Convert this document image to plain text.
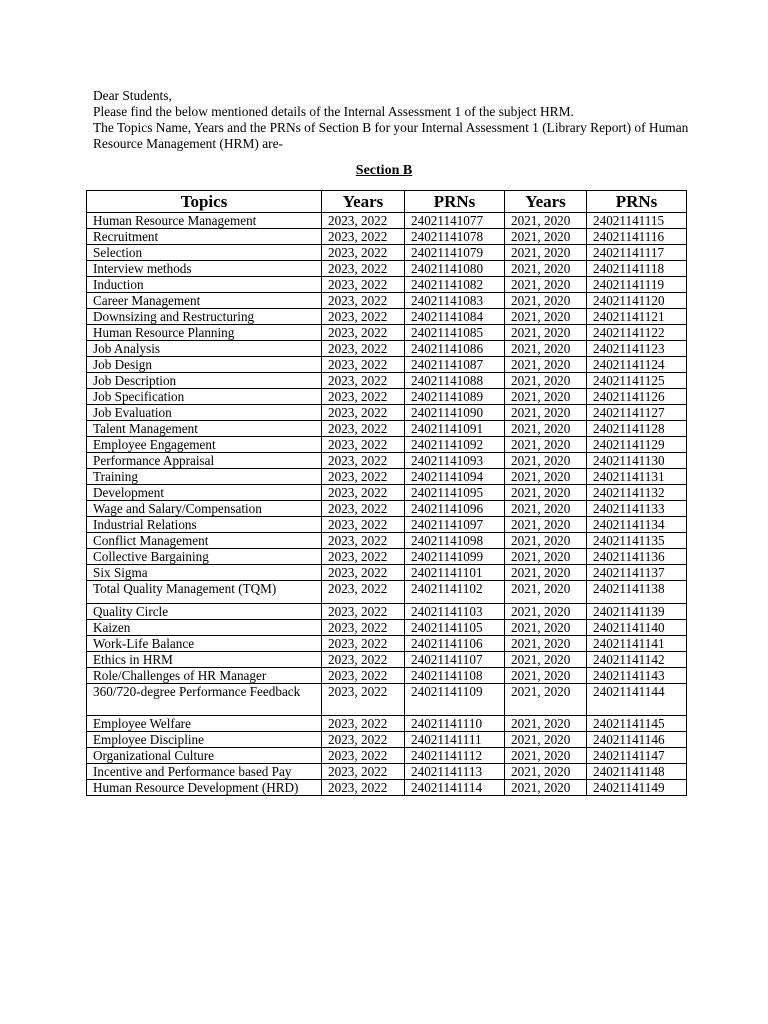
Dear Students,

Please find the below mentioned details of the Internal Assessment 1 of the subject HRM.

The Topics Name, Years and the PRNs of Section B for your Internal Assessment 1 (Library Report) of Human Resource Management (HRM) are-

Section B
Topics	Years	PRNs	Years	PRNs
Human Resource Management	2023, 2022	24021141077	2021, 2020	24021141115
Recruitment	2023, 2022	24021141078	2021, 2020	24021141116
Selection	2023, 2022	24021141079	2021, 2020	24021141117
Interview methods	2023, 2022	24021141080	2021, 2020	24021141118
Induction	2023, 2022	24021141082	2021, 2020	24021141119
Career Management	2023, 2022	24021141083	2021, 2020	24021141120
Downsizing and Restructuring	2023, 2022	24021141084	2021, 2020	24021141121
Human Resource Planning	2023, 2022	24021141085	2021, 2020	24021141122
Job Analysis	2023, 2022	24021141086	2021, 2020	24021141123
Job Design	2023, 2022	24021141087	2021, 2020	24021141124
Job Description	2023, 2022	24021141088	2021, 2020	24021141125
Job Specification	2023, 2022	24021141089	2021, 2020	24021141126
Job Evaluation	2023, 2022	24021141090	2021, 2020	24021141127
Talent Management	2023, 2022	24021141091	2021, 2020	24021141128
Employee Engagement	2023, 2022	24021141092	2021, 2020	24021141129
Performance Appraisal	2023, 2022	24021141093	2021, 2020	24021141130
Training	2023, 2022	24021141094	2021, 2020	24021141131
Development	2023, 2022	24021141095	2021, 2020	24021141132
Wage and Salary/Compensation	2023, 2022	24021141096	2021, 2020	24021141133
Industrial Relations	2023, 2022	24021141097	2021, 2020	24021141134
Conflict Management	2023, 2022	24021141098	2021, 2020	24021141135
Collective Bargaining	2023, 2022	24021141099	2021, 2020	24021141136
Six Sigma	2023, 2022	24021141101	2021, 2020	24021141137
Total Quality Management (TQM)	2023, 2022	24021141102	2021, 2020	24021141138
Quality Circle	2023, 2022	24021141103	2021, 2020	24021141139
Kaizen	2023, 2022	24021141105	2021, 2020	24021141140
Work-Life Balance	2023, 2022	24021141106	2021, 2020	24021141141
Ethics in HRM	2023, 2022	24021141107	2021, 2020	24021141142
Role/Challenges of HR Manager	2023, 2022	24021141108	2021, 2020	24021141143
360/720-degree Performance Feedback	2023, 2022	24021141109	2021, 2020	24021141144
Employee Welfare	2023, 2022	24021141110	2021, 2020	24021141145
Employee Discipline	2023, 2022	24021141111	2021, 2020	24021141146
Organizational Culture	2023, 2022	24021141112	2021, 2020	24021141147
Incentive and Performance based Pay	2023, 2022	24021141113	2021, 2020	24021141148
Human Resource Development (HRD)	2023, 2022	24021141114	2021, 2020	24021141149
